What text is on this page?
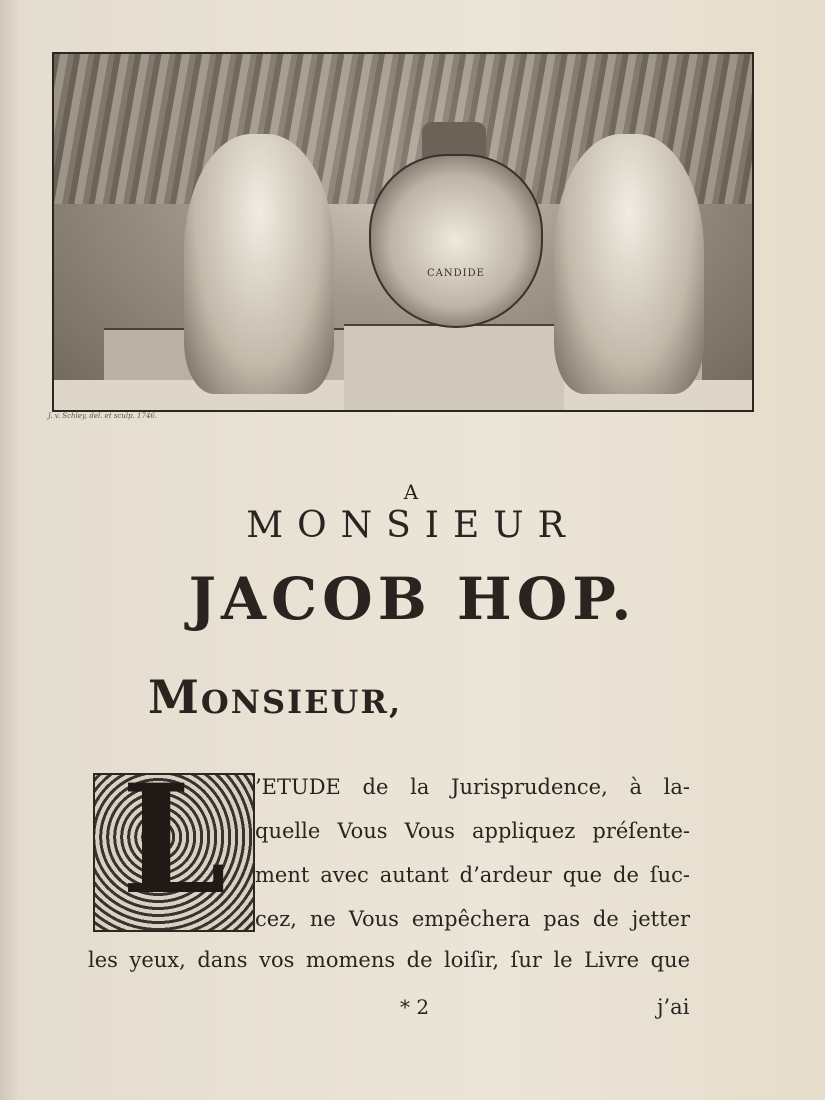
CANDIDE
J. v. Schley, del. et sculp. 1746.
A
MONSIEUR
JACOB HOP.
MONSIEUR,
L ’ETUDE de la Jurisprudence, à la-
quelle Vous Vous appliquez préſente-
ment avec autant d’ardeur que de ſuc-
cez, ne Vous empêchera pas de jetter
les yeux, dans vos momens de loiſir, ſur le Livre que
* 2	j’ai
